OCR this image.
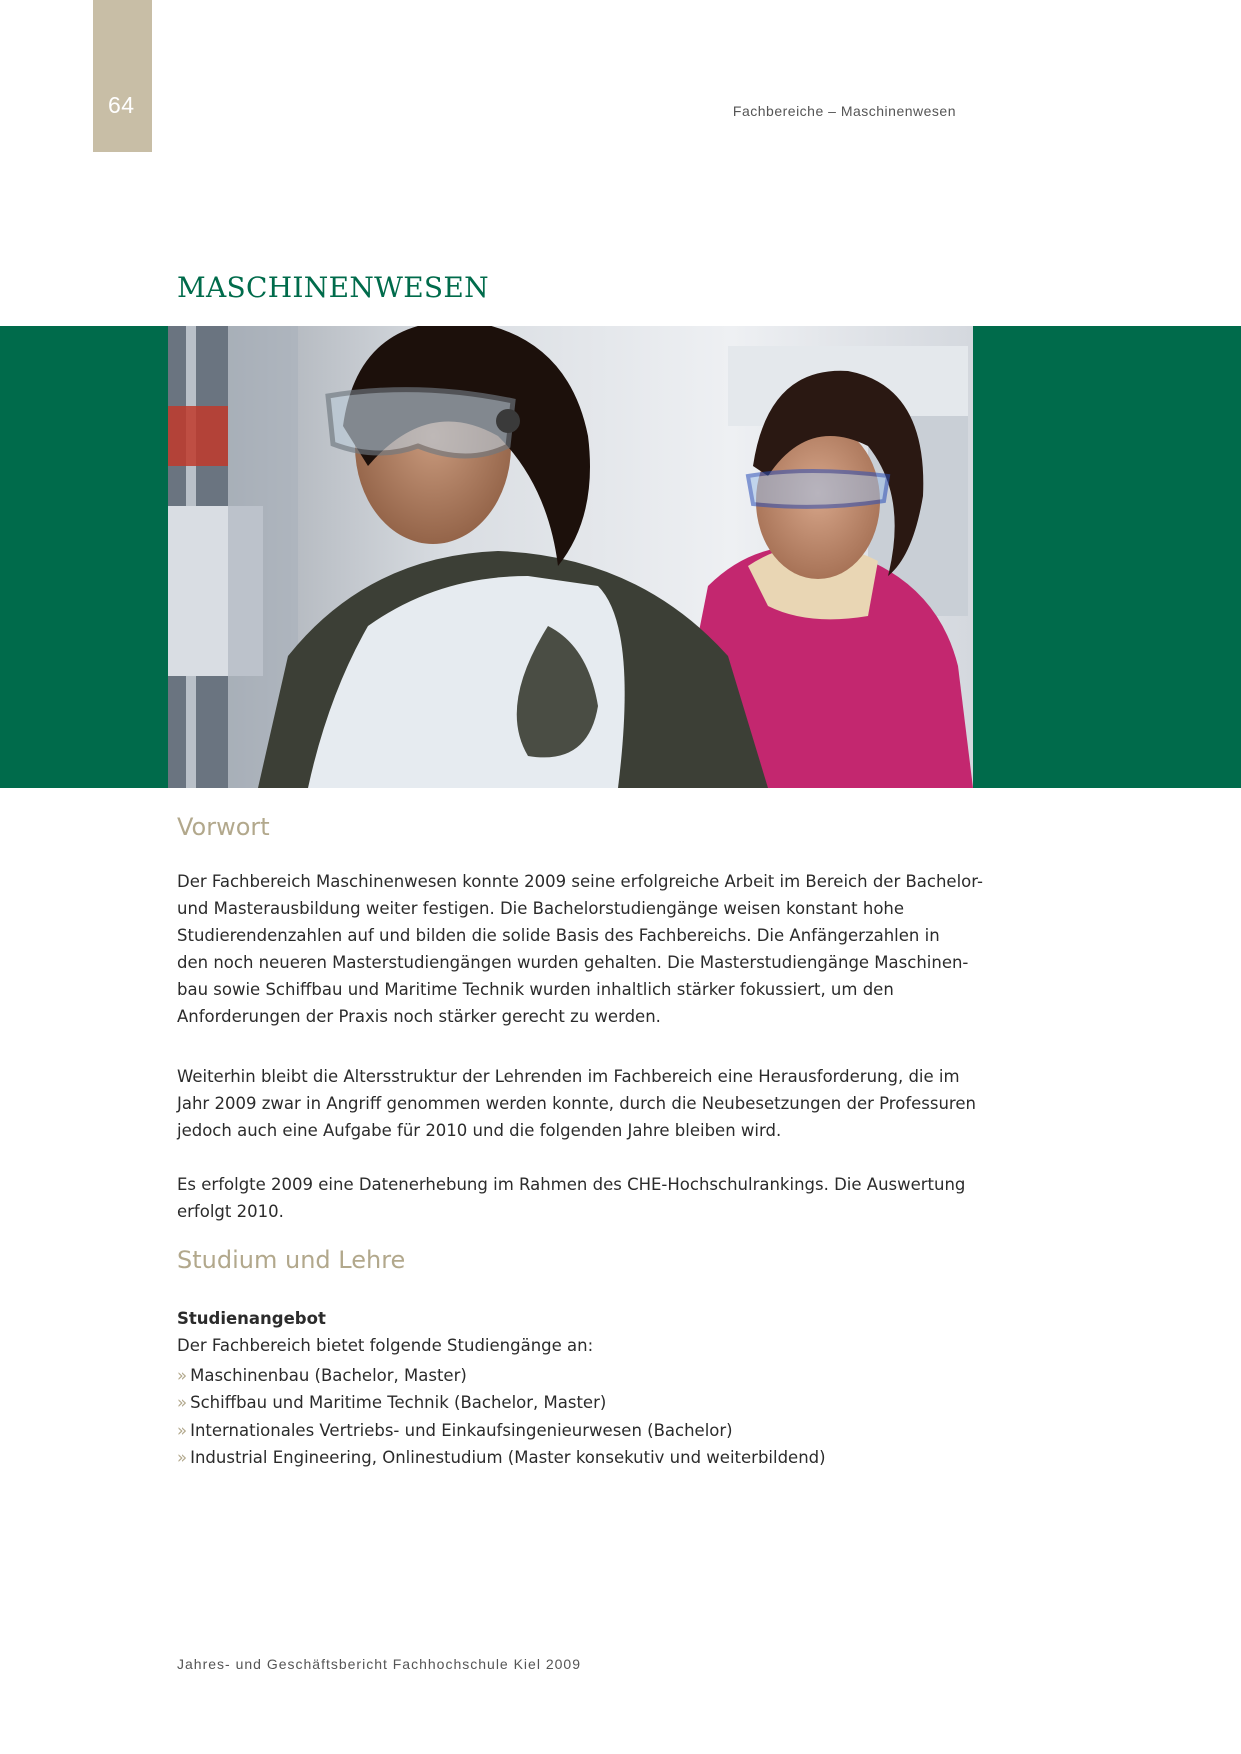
64	Fachbereiche – Maschinenwesen
MASCHINENWESEN
Vorwort

Der Fachbereich Maschinenwesen konnte 2009 seine erfolgreiche Arbeit im Bereich der Bachelor-
und Masterausbildung weiter festigen. Die Bachelorstudiengänge weisen konstant hohe
Studierendenzahlen auf und bilden die solide Basis des Fachbereichs. Die Anfängerzahlen in
den noch neueren Masterstudiengängen wurden gehalten. Die Masterstudiengänge Maschinen-
bau sowie Schiffbau und Maritime Technik wurden inhaltlich stärker fokussiert, um den
Anforderungen der Praxis noch stärker gerecht zu werden.

Weiterhin bleibt die Altersstruktur der Lehrenden im Fachbereich eine Herausforderung, die im
Jahr 2009 zwar in Angriff genommen werden konnte, durch die Neubesetzungen der Professuren
jedoch auch eine Aufgabe für 2010 und die folgenden Jahre bleiben wird.

Es erfolgte 2009 eine Datenerhebung im Rahmen des CHE-Hochschulrankings. Die Auswertung
erfolgt 2010.

Studium und Lehre

Studienangebot

Der Fachbereich bietet folgende Studiengänge an:

» Maschinenbau (Bachelor, Master)
» Schiffbau und Maritime Technik (Bachelor, Master)
» Internationales Vertriebs- und Einkaufsingenieurwesen (Bachelor)
» Industrial Engineering, Onlinestudium (Master konsekutiv und weiterbildend)
Jahres- und Geschäftsbericht Fachhochschule Kiel 2009
